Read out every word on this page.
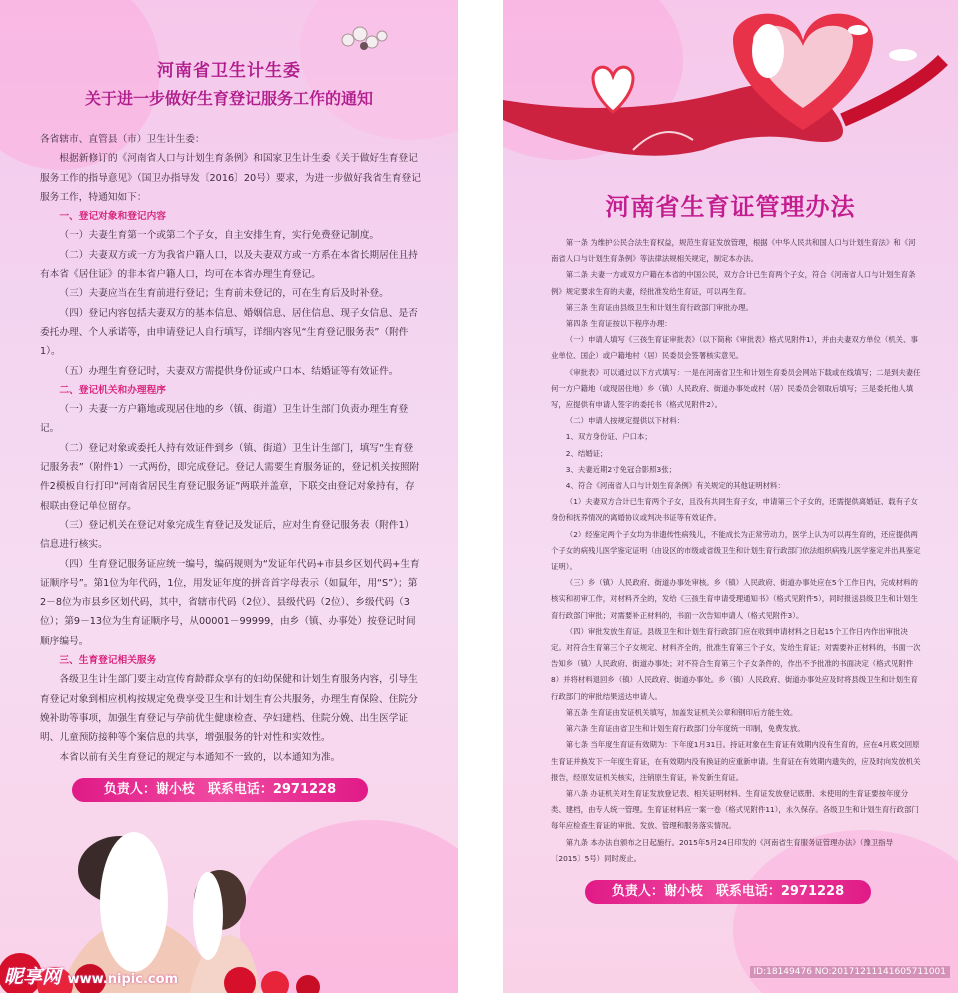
河南省卫生计生委
关于进一步做好生育登记服务工作的通知

各省辖市、直管县（市）卫生计生委：

根据新修订的《河南省人口与计划生育条例》和国家卫生计生委《关于做好生育登记服务工作的指导意见》（国卫办指导发〔2016〕20号）要求，为进一步做好我省生育登记服务工作，特通知如下：

一、登记对象和登记内容

（一）夫妻生育第一个或第二个子女，自主安排生育，实行免费登记制度。

（二）夫妻双方或一方为我省户籍人口，以及夫妻双方或一方系在本省长期居住且持有本省《居住证》的非本省户籍人口，均可在本省办理生育登记。

（三）夫妻应当在生育前进行登记；生育前未登记的，可在生育后及时补登。

（四）登记内容包括夫妻双方的基本信息、婚姻信息、居住信息、现子女信息、是否委托办理、个人承诺等，由申请登记人自行填写，详细内容见“生育登记服务表”（附件1）。

（五）办理生育登记时，夫妻双方需提供身份证或户口本、结婚证等有效证件。

二、登记机关和办理程序

（一）夫妻一方户籍地或现居住地的乡（镇、街道）卫生计生部门负责办理生育登记。

（二）登记对象或委托人持有效证件到乡（镇、街道）卫生计生部门，填写“生育登记服务表”（附件1）一式两份，即完成登记。登记人需要生育服务证的，登记机关按照附件2模板自行打印“河南省居民生育登记服务证”两联并盖章，下联交由登记对象持有，存根联由登记单位留存。

（三）登记机关在登记对象完成生育登记及发证后，应对生育登记服务表（附件1）信息进行核实。

（四）生育登记服务证应统一编号，编码规则为“发证年代码+市县乡区划代码+生育证顺序号”。第1位为年代码，1位，用发证年度的拼音首字母表示（如鼠年，用“S”）；第2－8位为市县乡区划代码，其中，省辖市代码（2位）、县级代码（2位）、乡级代码（3位）；第9－13位为生育证顺序号，从00001－99999，由乡（镇、办事处）按登记时间顺序编号。

三、生育登记相关服务

各级卫生计生部门要主动宣传育龄群众享有的妇幼保健和计划生育服务内容，引导生育登记对象到相应机构按规定免费享受卫生和计划生育公共服务，办理生育保险、住院分娩补助等事项，加强生育登记与孕前优生健康检查、孕妇建档、住院分娩、出生医学证明、儿童预防接种等个案信息的共享，增强服务的针对性和实效性。

本省以前有关生育登记的规定与本通知不一致的，以本通知为准。

负责人：谢小枝　联系电话：2971228
昵享网 www.nipic.com
河南省生育证管理办法

第一条 为维护公民合法生育权益，规范生育证发放管理，根据《中华人民共和国人口与计划生育法》和《河南省人口与计划生育条例》等法律法规相关规定，制定本办法。

第二条 夫妻一方或双方户籍在本省的中国公民，双方合计已生育两个子女，符合《河南省人口与计划生育条例》规定要求生育的夫妻，经批准发给生育证，可以再生育。

第三条 生育证由县级卫生和计划生育行政部门审批办理。

第四条 生育证按以下程序办理：

（一）申请人填写《三孩生育证审批表》（以下简称《审批表》格式见附件1），并由夫妻双方单位（机关、事业单位、国企）或户籍地村（居）民委员会签署核实意见。

《审批表》可以通过以下方式填写：一是在河南省卫生和计划生育委员会网站下载或在线填写；二是到夫妻任何一方户籍地（或现居住地）乡（镇）人民政府、街道办事处或村（居）民委员会领取后填写；三是委托他人填写，应提供有申请人签字的委托书（格式见附件2）。

（二）申请人按规定提供以下材料：

1、双方身份证、户口本；

2、结婚证；

3、夫妻近期2寸免冠合影照3张；

4、符合《河南省人口与计划生育条例》有关规定的其他证明材料：

（1）夫妻双方合计已生育两个子女，且没有共同生育子女，申请第三个子女的，还需提供离婚证、载有子女身份和抚养情况的离婚协议或判决书证等有效证件。

（2）经鉴定两个子女均为非遗传性病残儿，不能成长为正常劳动力，医学上认为可以再生育的，还应提供两个子女的病残儿医学鉴定证明（由设区的市级或省级卫生和计划生育行政部门依法组织病残儿医学鉴定并出具鉴定证明）。

（三）乡（镇）人民政府、街道办事处审核。乡（镇）人民政府、街道办事处应在5个工作日内，完成材料的核实和初审工作，对材料齐全的，发给《三孩生育申请受理通知书》（格式见附件5），同时报送县级卫生和计划生育行政部门审批；对需要补正材料的，书面一次告知申请人（格式见附件3）。

（四）审批发放生育证。县级卫生和计划生育行政部门应在收到申请材料之日起15个工作日内作出审批决定。对符合生育第三个子女规定、材料齐全的，批准生育第三个子女，发给生育证；对需要补正材料的，书面一次告知乡（镇）人民政府、街道办事处；对不符合生育第三个子女条件的，作出不予批准的书面决定（格式见附件8）并将材料退回乡（镇）人民政府、街道办事处。乡（镇）人民政府、街道办事处应及时将县级卫生和计划生育行政部门的审批结果送达申请人。

第五条 生育证由发证机关填写，加盖发证机关公章和钢印后方能生效。

第六条 生育证由省卫生和计划生育行政部门分年度统一印制，免费发放。

第七条 当年度生育证有效期为：下年度1月31日。持证对象在生育证有效期内没有生育的，应在4月底交回原生育证并换发下一年度生育证，在有效期内没有换证的应重新申请。生育证在有效期内遗失的，应及时向发放机关报告，经原发证机关核实，注销原生育证，补发新生育证。

第八条 办证机关对生育证发放登记表、相关证明材料、生育证发放登记底册、未使用的生育证要按年度分类、建档，由专人统一管理。生育证材料应一案一卷（格式见附件11），永久保存。各级卫生和计划生育行政部门每年应检查生育证的审批、发放、管理和服务落实情况。

第九条 本办法自颁布之日起施行。2015年5月24日印发的《河南省生育服务证管理办法》（豫卫指导〔2015〕5号）同时废止。

负责人：谢小枝　联系电话：2971228
ID:18149476 NO:20171211141605711001
